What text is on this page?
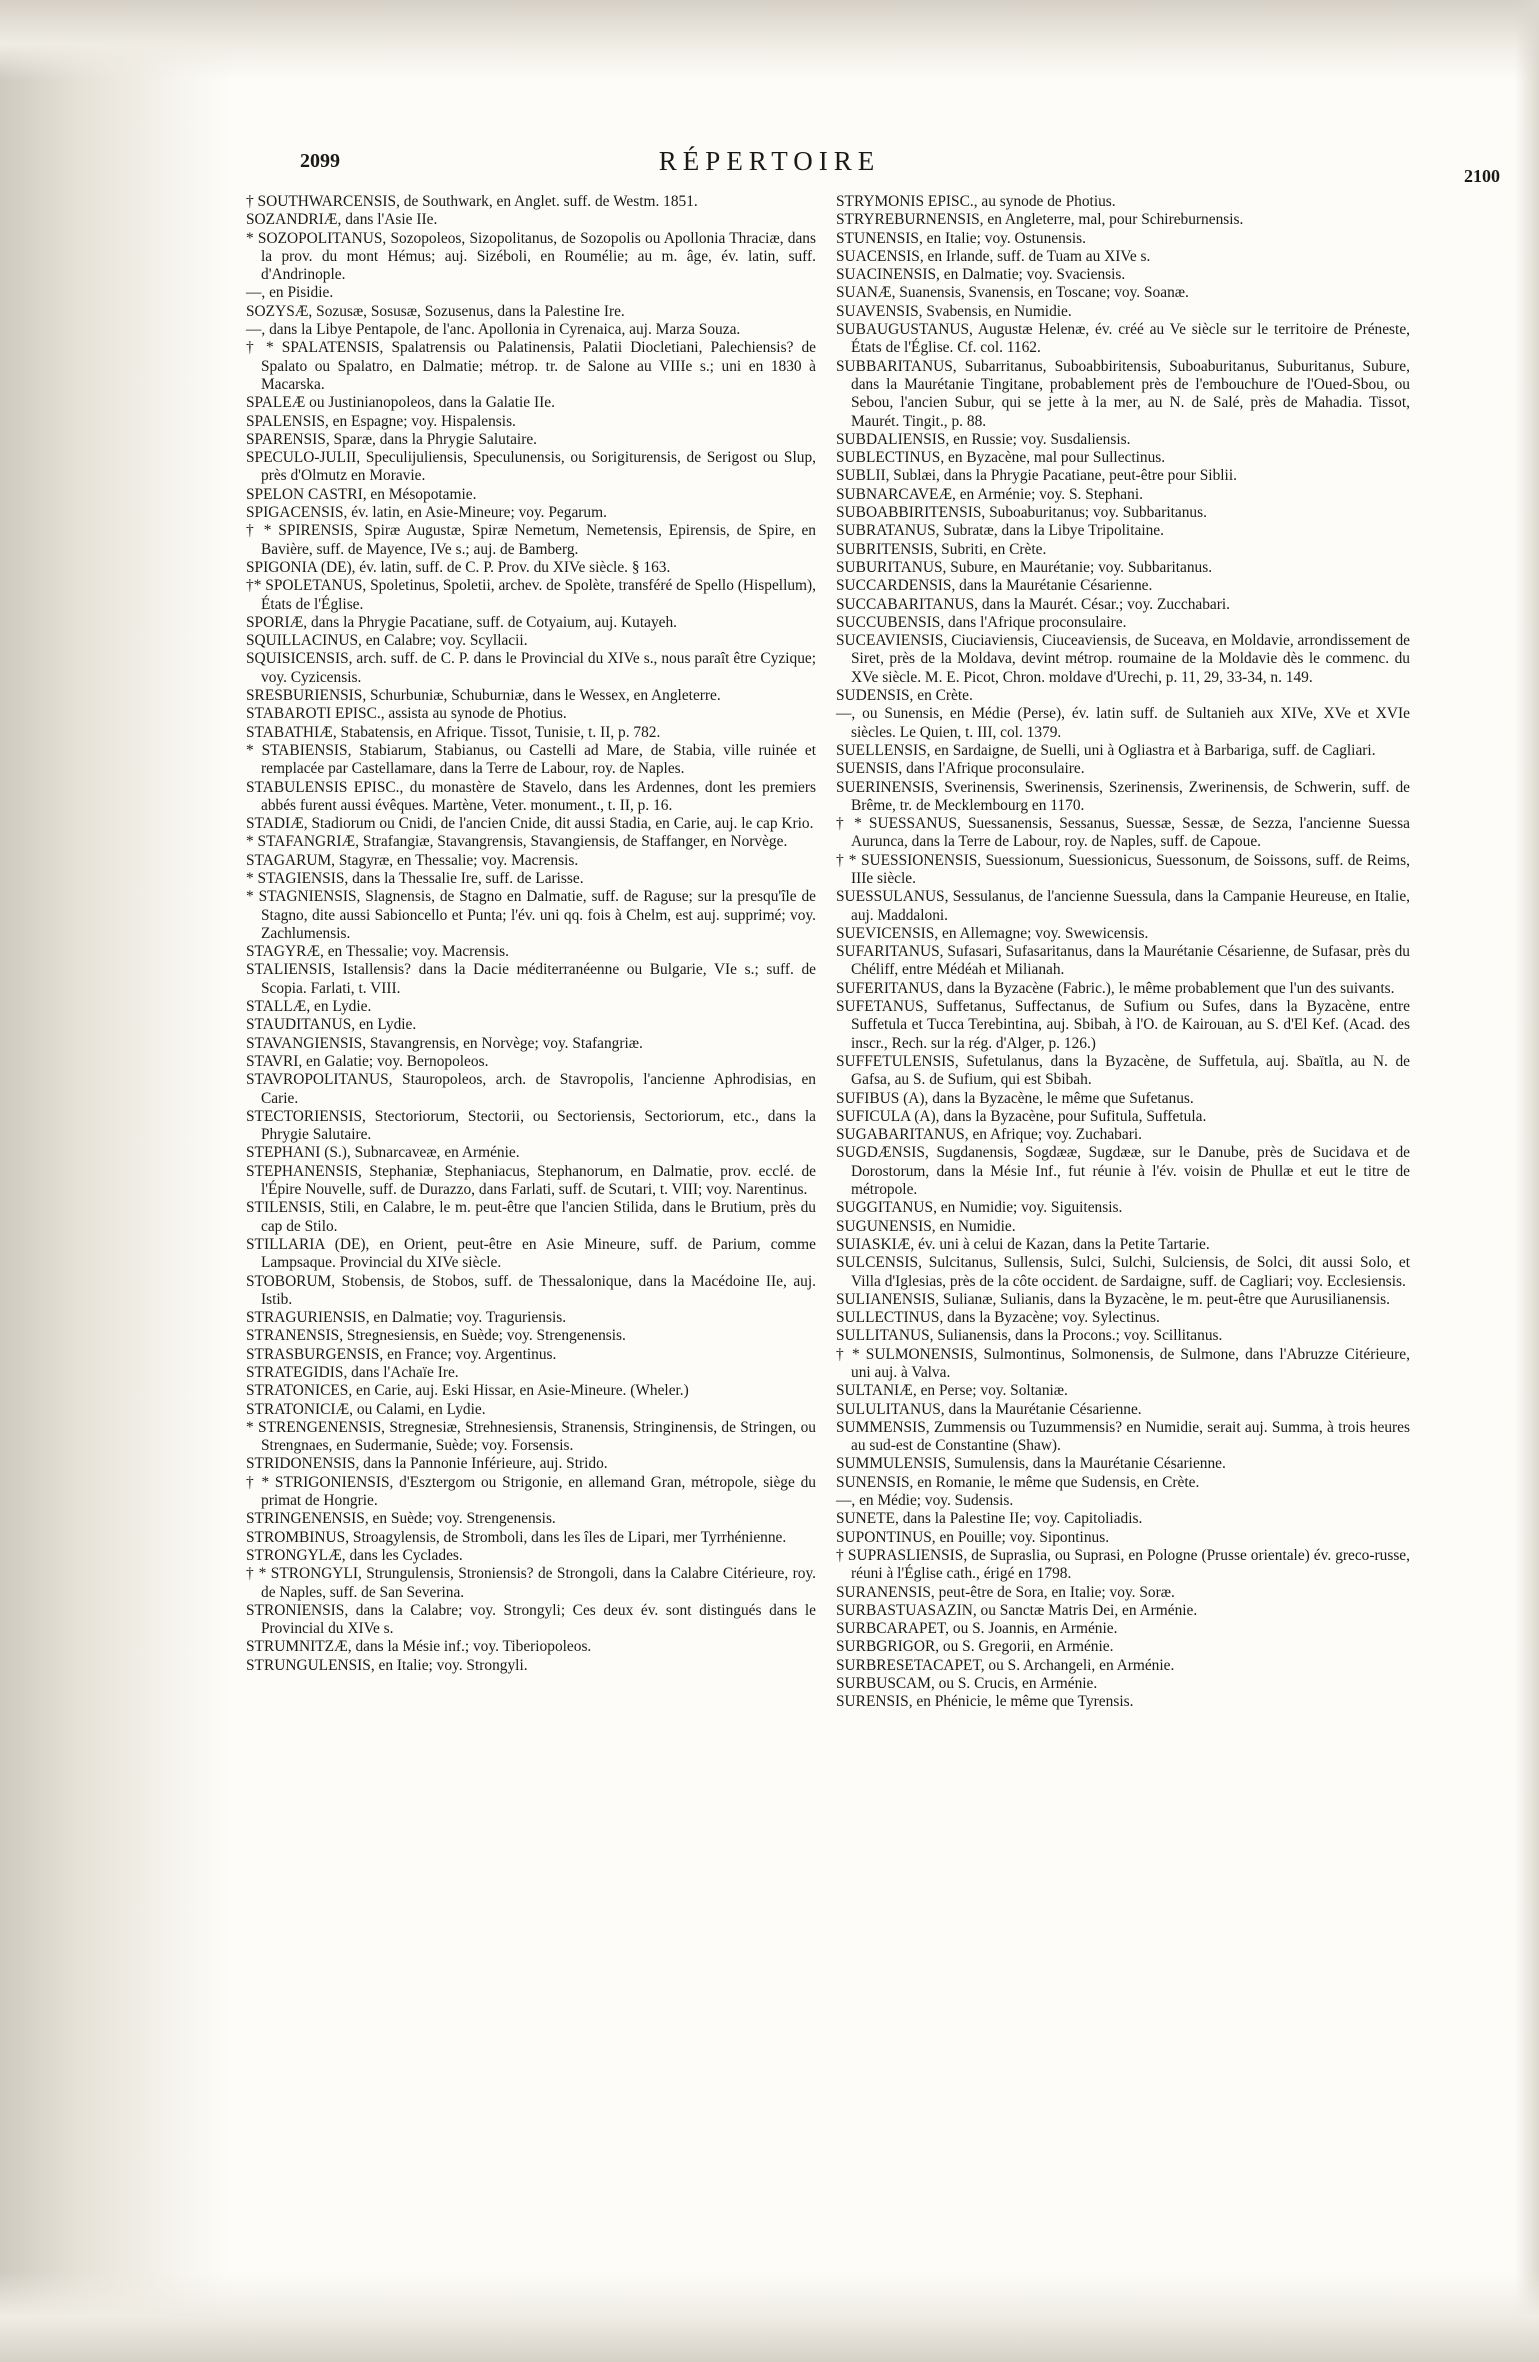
2099	RÉPERTOIRE	2100

† SOUTHWARCENSIS, de Southwark, en Anglet. suff. de Westm. 1851.

SOZANDRIÆ, dans l'Asie IIe.

* SOZOPOLITANUS, Sozopoleos, Sizopolitanus, de Sozopolis ou Apollonia Thraciæ, dans la prov. du mont Hémus; auj. Sizéboli, en Roumélie; au m. âge, év. latin, suff. d'Andrinople.

—, en Pisidie.

SOZYSÆ, Sozusæ, Sosusæ, Sozusenus, dans la Palestine Ire.

—, dans la Libye Pentapole, de l'anc. Apollonia in Cyrenaica, auj. Marza Souza.

† * SPALATENSIS, Spalatrensis ou Palatinensis, Palatii Diocletiani, Palechiensis? de Spalato ou Spalatro, en Dalmatie; métrop. tr. de Salone au VIIIe s.; uni en 1830 à Macarska.

SPALEÆ ou Justinianopoleos, dans la Galatie IIe.

SPALENSIS, en Espagne; voy. Hispalensis.

SPARENSIS, Sparæ, dans la Phrygie Salutaire.

SPECULO-JULII, Speculijuliensis, Speculunensis, ou Sorigiturensis, de Serigost ou Slup, près d'Olmutz en Moravie.

SPELON CASTRI, en Mésopotamie.

SPIGACENSIS, év. latin, en Asie-Mineure; voy. Pegarum.

† * SPIRENSIS, Spiræ Augustæ, Spiræ Nemetum, Nemetensis, Epirensis, de Spire, en Bavière, suff. de Mayence, IVe s.; auj. de Bamberg.

SPIGONIA (DE), év. latin, suff. de C. P. Prov. du XIVe siècle. § 163.

†* SPOLETANUS, Spoletinus, Spoletii, archev. de Spolète, transféré de Spello (Hispellum), États de l'Église.

SPORIÆ, dans la Phrygie Pacatiane, suff. de Cotyaium, auj. Kutayeh.

SQUILLACINUS, en Calabre; voy. Scyllacii.

SQUISICENSIS, arch. suff. de C. P. dans le Provincial du XIVe s., nous paraît être Cyzique; voy. Cyzicensis.

SRESBURIENSIS, Schurbuniæ, Schuburniæ, dans le Wessex, en Angleterre.

STABAROTI EPISC., assista au synode de Photius.

STABATHIÆ, Stabatensis, en Afrique. Tissot, Tunisie, t. II, p. 782.

* STABIENSIS, Stabiarum, Stabianus, ou Castelli ad Mare, de Stabia, ville ruinée et remplacée par Castellamare, dans la Terre de Labour, roy. de Naples.

STABULENSIS EPISC., du monastère de Stavelo, dans les Ardennes, dont les premiers abbés furent aussi évêques. Martène, Veter. monument., t. II, p. 16.

STADIÆ, Stadiorum ou Cnidi, de l'ancien Cnide, dit aussi Stadia, en Carie, auj. le cap Krio.

* STAFANGRIÆ, Strafangiæ, Stavangrensis, Stavangiensis, de Staffanger, en Norvège.

STAGARUM, Stagyræ, en Thessalie; voy. Macrensis.

* STAGIENSIS, dans la Thessalie Ire, suff. de Larisse.

* STAGNIENSIS, Slagnensis, de Stagno en Dalmatie, suff. de Raguse; sur la presqu'île de Stagno, dite aussi Sabioncello et Punta; l'év. uni qq. fois à Chelm, est auj. supprimé; voy. Zachlumensis.

STAGYRÆ, en Thessalie; voy. Macrensis.

STALIENSIS, Istallensis? dans la Dacie méditerranéenne ou Bulgarie, VIe s.; suff. de Scopia. Farlati, t. VIII.

STALLÆ, en Lydie.

STAUDITANUS, en Lydie.

STAVANGIENSIS, Stavangrensis, en Norvège; voy. Stafangriæ.

STAVRI, en Galatie; voy. Bernopoleos.

STAVROPOLITANUS, Stauropoleos, arch. de Stavropolis, l'ancienne Aphrodisias, en Carie.

STECTORIENSIS, Stectoriorum, Stectorii, ou Sectoriensis, Sectoriorum, etc., dans la Phrygie Salutaire.

STEPHANI (S.), Subnarcaveæ, en Arménie.

STEPHANENSIS, Stephaniæ, Stephaniacus, Stephanorum, en Dalmatie, prov. ecclé. de l'Épire Nouvelle, suff. de Durazzo, dans Farlati, suff. de Scutari, t. VIII; voy. Narentinus.

STILENSIS, Stili, en Calabre, le m. peut-être que l'ancien Stilida, dans le Brutium, près du cap de Stilo.

STILLARIA (DE), en Orient, peut-être en Asie Mineure, suff. de Parium, comme Lampsaque. Provincial du XIVe siècle.

STOBORUM, Stobensis, de Stobos, suff. de Thessalonique, dans la Macédoine IIe, auj. Istib.

STRAGURIENSIS, en Dalmatie; voy. Traguriensis.

STRANENSIS, Stregnesiensis, en Suède; voy. Strengenensis.

STRASBURGENSIS, en France; voy. Argentinus.

STRATEGIDIS, dans l'Achaïe Ire.

STRATONICES, en Carie, auj. Eski Hissar, en Asie-Mineure. (Wheler.)

STRATONICIÆ, ou Calami, en Lydie.

* STRENGENENSIS, Stregnesiæ, Strehnesiensis, Stranensis, Stringinensis, de Stringen, ou Strengnaes, en Sudermanie, Suède; voy. Forsensis.

STRIDONENSIS, dans la Pannonie Inférieure, auj. Strido.

† * STRIGONIENSIS, d'Esztergom ou Strigonie, en allemand Gran, métropole, siège du primat de Hongrie.

STRINGENENSIS, en Suède; voy. Strengenensis.

STROMBINUS, Stroagylensis, de Stromboli, dans les îles de Lipari, mer Tyrrhénienne.

STRONGYLÆ, dans les Cyclades.

† * STRONGYLI, Strungulensis, Stroniensis? de Strongoli, dans la Calabre Citérieure, roy. de Naples, suff. de San Severina.

STRONIENSIS, dans la Calabre; voy. Strongyli; Ces deux év. sont distingués dans le Provincial du XIVe s.

STRUMNITZÆ, dans la Mésie inf.; voy. Tiberiopoleos.

STRUNGULENSIS, en Italie; voy. Strongyli.

STRYMONIS EPISC., au synode de Photius.

STRYREBURNENSIS, en Angleterre, mal, pour Schireburnensis.

STUNENSIS, en Italie; voy. Ostunensis.

SUACENSIS, en Irlande, suff. de Tuam au XIVe s.

SUACINENSIS, en Dalmatie; voy. Svaciensis.

SUANÆ, Suanensis, Svanensis, en Toscane; voy. Soanæ.

SUAVENSIS, Svabensis, en Numidie.

SUBAUGUSTANUS, Augustæ Helenæ, év. créé au Ve siècle sur le territoire de Préneste, États de l'Église. Cf. col. 1162.

SUBBARITANUS, Subarritanus, Suboabbiritensis, Suboaburitanus, Suburitanus, Subure, dans la Maurétanie Tingitane, probablement près de l'embouchure de l'Oued-Sbou, ou Sebou, l'ancien Subur, qui se jette à la mer, au N. de Salé, près de Mahadia. Tissot, Maurét. Tingit., p. 88.

SUBDALIENSIS, en Russie; voy. Susdaliensis.

SUBLECTINUS, en Byzacène, mal pour Sullectinus.

SUBLII, Sublæi, dans la Phrygie Pacatiane, peut-être pour Siblii.

SUBNARCAVEÆ, en Arménie; voy. S. Stephani.

SUBOABBIRITENSIS, Suboaburitanus; voy. Subbaritanus.

SUBRATANUS, Subratæ, dans la Libye Tripolitaine.

SUBRITENSIS, Subriti, en Crète.

SUBURITANUS, Subure, en Maurétanie; voy. Subbaritanus.

SUCCARDENSIS, dans la Maurétanie Césarienne.

SUCCABARITANUS, dans la Maurét. César.; voy. Zucchabari.

SUCCUBENSIS, dans l'Afrique proconsulaire.

SUCEAVIENSIS, Ciuciaviensis, Ciuceaviensis, de Suceava, en Moldavie, arrondissement de Siret, près de la Moldava, devint métrop. roumaine de la Moldavie dès le commenc. du XVe siècle. M. E. Picot, Chron. moldave d'Urechi, p. 11, 29, 33-34, n. 149.

SUDENSIS, en Crète.

—, ou Sunensis, en Médie (Perse), év. latin suff. de Sultanieh aux XIVe, XVe et XVIe siècles. Le Quien, t. III, col. 1379.

SUELLENSIS, en Sardaigne, de Suelli, uni à Ogliastra et à Barbariga, suff. de Cagliari.

SUENSIS, dans l'Afrique proconsulaire.

SUERINENSIS, Sverinensis, Swerinensis, Szerinensis, Zwerinensis, de Schwerin, suff. de Brême, tr. de Mecklembourg en 1170.

† * SUESSANUS, Suessanensis, Sessanus, Suessæ, Sessæ, de Sezza, l'ancienne Suessa Aurunca, dans la Terre de Labour, roy. de Naples, suff. de Capoue.

† * SUESSIONENSIS, Suessionum, Suessionicus, Suessonum, de Soissons, suff. de Reims, IIIe siècle.

SUESSULANUS, Sessulanus, de l'ancienne Suessula, dans la Campanie Heureuse, en Italie, auj. Maddaloni.

SUEVICENSIS, en Allemagne; voy. Swewicensis.

SUFARITANUS, Sufasari, Sufasaritanus, dans la Maurétanie Césarienne, de Sufasar, près du Chéliff, entre Médéah et Milianah.

SUFERITANUS, dans la Byzacène (Fabric.), le même probablement que l'un des suivants.

SUFETANUS, Suffetanus, Suffectanus, de Sufium ou Sufes, dans la Byzacène, entre Suffetula et Tucca Terebintina, auj. Sbibah, à l'O. de Kairouan, au S. d'El Kef. (Acad. des inscr., Rech. sur la rég. d'Alger, p. 126.)

SUFFETULENSIS, Sufetulanus, dans la Byzacène, de Suffetula, auj. Sbaïtla, au N. de Gafsa, au S. de Sufium, qui est Sbibah.

SUFIBUS (A), dans la Byzacène, le même que Sufetanus.

SUFICULA (A), dans la Byzacène, pour Sufitula, Suffetula.

SUGABARITANUS, en Afrique; voy. Zuchabari.

SUGDÆNSIS, Sugdanensis, Sogdææ, Sugdææ, sur le Danube, près de Sucidava et de Dorostorum, dans la Mésie Inf., fut réunie à l'év. voisin de Phullæ et eut le titre de métropole.

SUGGITANUS, en Numidie; voy. Siguitensis.

SUGUNENSIS, en Numidie.

SUIASKIÆ, év. uni à celui de Kazan, dans la Petite Tartarie.

SULCENSIS, Sulcitanus, Sullensis, Sulci, Sulchi, Sulciensis, de Solci, dit aussi Solo, et Villa d'Iglesias, près de la côte occident. de Sardaigne, suff. de Cagliari; voy. Ecclesiensis.

SULIANENSIS, Sulianæ, Sulianis, dans la Byzacène, le m. peut-être que Aurusilianensis.

SULLECTINUS, dans la Byzacène; voy. Sylectinus.

SULLITANUS, Sulianensis, dans la Procons.; voy. Scillitanus.

† * SULMONENSIS, Sulmontinus, Solmonensis, de Sulmone, dans l'Abruzze Citérieure, uni auj. à Valva.

SULTANIÆ, en Perse; voy. Soltaniæ.

SULULITANUS, dans la Maurétanie Césarienne.

SUMMENSIS, Zummensis ou Tuzummensis? en Numidie, serait auj. Summa, à trois heures au sud-est de Constantine (Shaw).

SUMMULENSIS, Sumulensis, dans la Maurétanie Césarienne.

SUNENSIS, en Romanie, le même que Sudensis, en Crète.

—, en Médie; voy. Sudensis.

SUNETE, dans la Palestine IIe; voy. Capitoliadis.

SUPONTINUS, en Pouille; voy. Sipontinus.

† SUPRASLIENSIS, de Supraslia, ou Suprasi, en Pologne (Prusse orientale) év. greco-russe, réuni à l'Église cath., érigé en 1798.

SURANENSIS, peut-être de Sora, en Italie; voy. Soræ.

SURBASTUASAZIN, ou Sanctæ Matris Dei, en Arménie.

SURBCARAPET, ou S. Joannis, en Arménie.

SURBGRIGOR, ou S. Gregorii, en Arménie.

SURBRESETACAPET, ou S. Archangeli, en Arménie.

SURBUSCAM, ou S. Crucis, en Arménie.

SURENSIS, en Phénicie, le même que Tyrensis.
